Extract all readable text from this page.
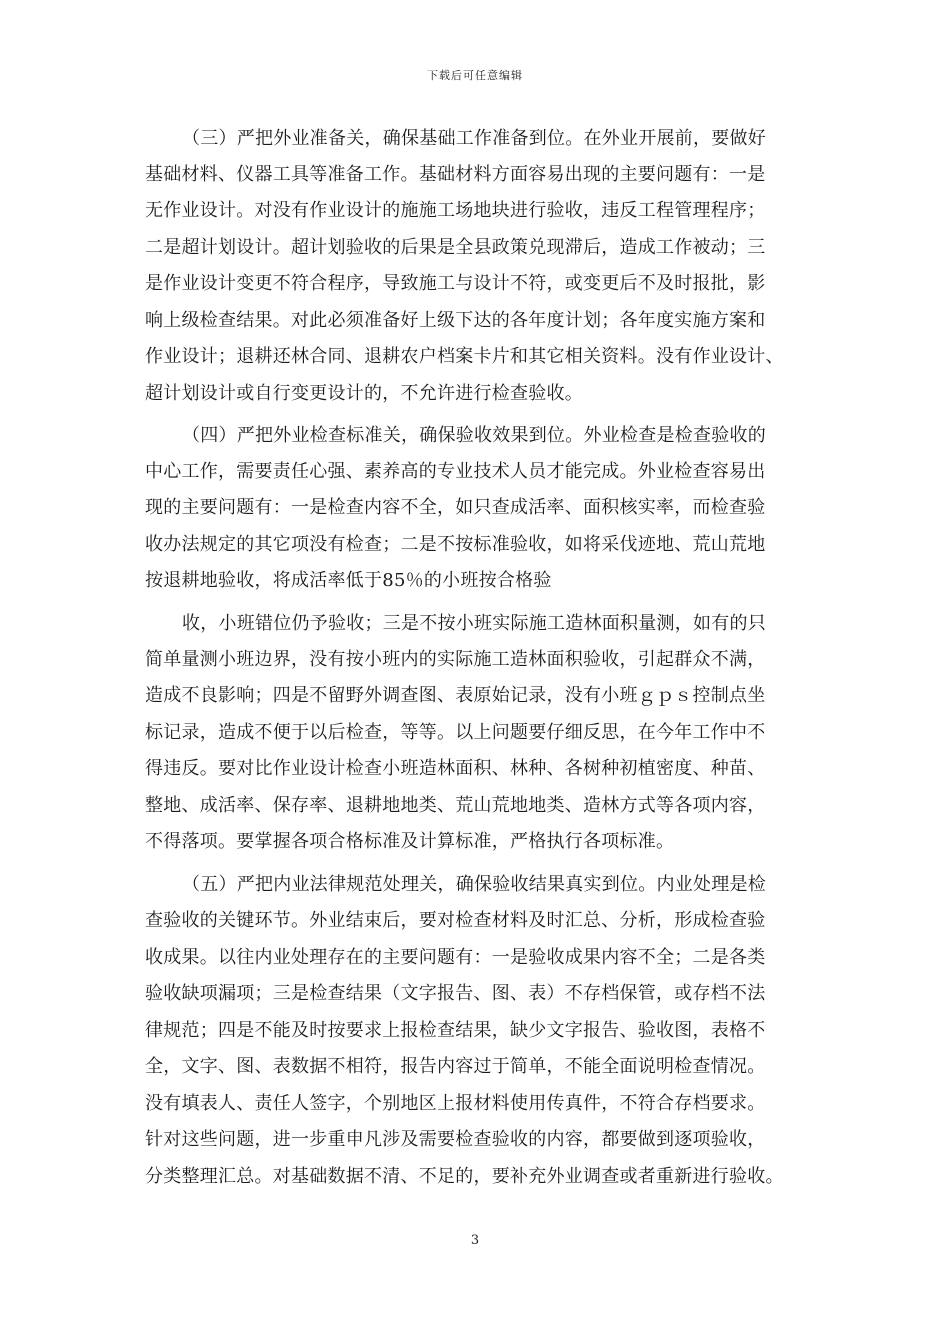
下载后可任意编辑
（三）严把外业准备关，确保基础工作准备到位。在外业开展前，要做好
基础材料、仪器工具等准备工作。基础材料方面容易出现的主要问题有：一是
无作业设计。对没有作业设计的施施工场地块进行验收，违反工程管理程序；
二是超计划设计。超计划验收的后果是全县政策兑现滞后，造成工作被动；三
是作业设计变更不符合程序，导致施工与设计不符，或变更后不及时报批，影
响上级检查结果。对此必须准备好上级下达的各年度计划；各年度实施方案和
作业设计；退耕还林合同、退耕农户档案卡片和其它相关资料。没有作业设计、
超计划设计或自行变更设计的，不允许进行检查验收。
（四）严把外业检查标准关，确保验收效果到位。外业检查是检查验收的
中心工作，需要责任心强、素养高的专业技术人员才能完成。外业检查容易出
现的主要问题有：一是检查内容不全，如只查成活率、面积核实率，而检查验
收办法规定的其它项没有检查；二是不按标准验收，如将采伐迹地、荒山荒地
按退耕地验收，将成活率低于85％的小班按合格验
收，小班错位仍予验收；三是不按小班实际施工造林面积量测，如有的只
简单量测小班边界，没有按小班内的实际施工造林面积验收，引起群众不满，
造成不良影响；四是不留野外调查图、表原始记录，没有小班ｇｐｓ控制点坐
标记录，造成不便于以后检查，等等。以上问题要仔细反思，在今年工作中不
得违反。要对比作业设计检查小班造林面积、林种、各树种初植密度、种苗、
整地、成活率、保存率、退耕地地类、荒山荒地地类、造林方式等各项内容，
不得落项。要掌握各项合格标准及计算标准，严格执行各项标准。
（五）严把内业法律规范处理关，确保验收结果真实到位。内业处理是检
查验收的关键环节。外业结束后，要对检查材料及时汇总、分析，形成检查验
收成果。以往内业处理存在的主要问题有：一是验收成果内容不全；二是各类
验收缺项漏项；三是检查结果（文字报告、图、表）不存档保管，或存档不法
律规范；四是不能及时按要求上报检查结果，缺少文字报告、验收图，表格不
全，文字、图、表数据不相符，报告内容过于简单，不能全面说明检查情况。
没有填表人、责任人签字，个别地区上报材料使用传真件，不符合存档要求。
针对这些问题，进一步重申凡涉及需要检查验收的内容，都要做到逐项验收，
分类整理汇总。对基础数据不清、不足的，要补充外业调查或者重新进行验收。
3
